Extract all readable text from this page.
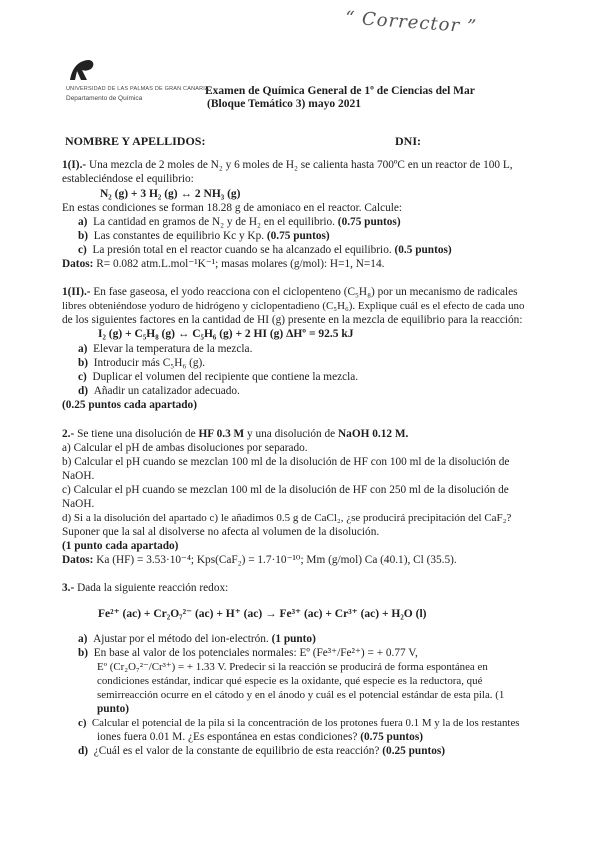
“ Corrector ”
UNIVERSIDAD DE LAS PALMAS DE GRAN CANARIA
Departamento de Química
Examen de Química General de 1º de Ciencias del Mar
(Bloque Temático 3) mayo 2021
NOMBRE Y APELLIDOS:	DNI:
1(I).- Una mezcla de 2 moles de N₂ y 6 moles de H₂ se calienta hasta 700ºC en un reactor de 100 L,
estableciéndose el equilibrio:
N₂ (g) + 3 H₂ (g) ↔ 2 NH₃ (g)
En estas condiciones se forman 18.28 g de amoniaco en el reactor. Calcule:
a) La cantidad en gramos de N₂ y de H₂ en el equilibrio. (0.75 puntos)
b) Las constantes de equilibrio Kc y Kp. (0.75 puntos)
c) La presión total en el reactor cuando se ha alcanzado el equilibrio. (0.5 puntos)
Datos: R= 0.082 atm.L.mol⁻¹K⁻¹; masas molares (g/mol): H=1, N=14.
1(II).- En fase gaseosa, el yodo reacciona con el ciclopenteno (C₅H₈) por un mecanismo de radicales
libres obteniéndose yoduro de hidrógeno y ciclopentadieno (C₅H₆). Explique cuál es el efecto de cada uno
de los siguientes factores en la cantidad de HI (g) presente en la mezcla de equilibrio para la reacción:
I₂ (g) + C₅H₈ (g) ↔ C₅H₆ (g) + 2 HI (g) ΔHº = 92.5 kJ
a) Elevar la temperatura de la mezcla.
b) Introducir más C₅H₆ (g).
c) Duplicar el volumen del recipiente que contiene la mezcla.
d) Añadir un catalizador adecuado.
(0.25 puntos cada apartado)
2.- Se tiene una disolución de HF 0.3 M y una disolución de NaOH 0.12 M.
a) Calcular el pH de ambas disoluciones por separado.
b) Calcular el pH cuando se mezclan 100 ml de la disolución de HF con 100 ml de la disolución de
NaOH.
c) Calcular el pH cuando se mezclan 100 ml de la disolución de HF con 250 ml de la disolución de
NaOH.
d) Si a la disolución del apartado c) le añadimos 0.5 g de CaCl₂, ¿se producirá precipitación del CaF₂?
Suponer que la sal al disolverse no afecta al volumen de la disolución.
(1 punto cada apartado)
Datos: Ka (HF) = 3.53·10⁻⁴; Kps(CaF₂) = 1.7·10⁻¹⁰; Mm (g/mol) Ca (40.1), Cl (35.5).
3.- Dada la siguiente reacción redox:
Fe²⁺ (ac) + Cr₂O₇²⁻ (ac) + H⁺ (ac) → Fe³⁺ (ac) + Cr³⁺ (ac) + H₂O (l)
a) Ajustar por el método del ion-electrón. (1 punto)
b) En base al valor de los potenciales normales: Eº (Fe³⁺/Fe²⁺) = + 0.77 V,
Eº (Cr₂O₇²⁻/Cr³⁺) = + 1.33 V. Predecir si la reacción se producirá de forma espontánea en
condiciones estándar, indicar qué especie es la oxidante, qué especie es la reductora, qué
semirreacción ocurre en el cátodo y en el ánodo y cuál es el potencial estándar de esta pila. (1
punto)
c) Calcular el potencial de la pila si la concentración de los protones fuera 0.1 M y la de los restantes
iones fuera 0.01 M. ¿Es espontánea en estas condiciones? (0.75 puntos)
d) ¿Cuál es el valor de la constante de equilibrio de esta reacción? (0.25 puntos)
